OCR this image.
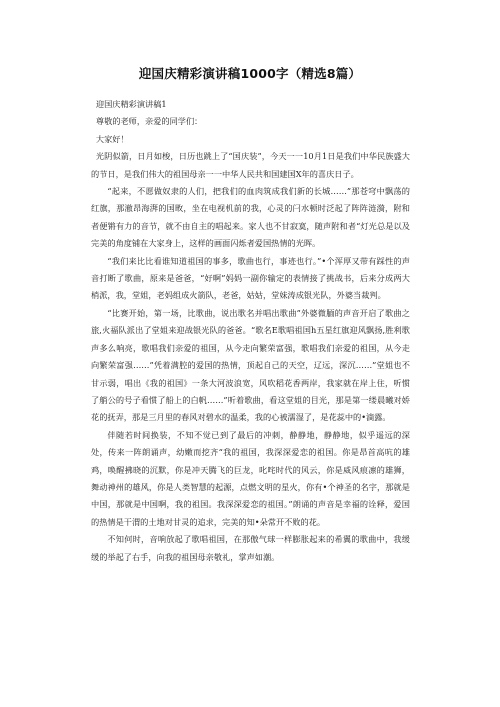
迎国庆精彩演讲稿1000字（精选8篇）

迎国庆精彩演讲稿1

尊敬的老师，亲爱的同学们：

大家好！

光阴似箭，日月如梭，日历也跳上了“国庆装”，今天一一10月1日是我们中华民族盛大的节日，是我们伟大的祖国母亲一一中华人民共和国建国X年的喜庆日子。

“起来，不愿做奴隶的人们，把我们的血肉筑成我们新的长城……”那苍穹中飘荡的红旗，那澈昂海湃的国畋，坐在电视机前的我，心灵的闩水顿时泛起了阵阵涟漪，附和者便锵有力的音节，就不由自主的唱起来。家人也不甘寂寞，随声附和者“灯光总是以及完美的角度铺在大家身上，这样的画面闪烁者爱国热情的光晖。

“我们来比比看谁知道祖国的事多，歌曲也行，事迹也行。”•个浑厚又带有踩性的声音打断了歌曲，原来是爸爸，“好啊”妈妈一副你输定的表情接了挑战书，后来分成两大梢派，我，堂姐，老妈组成火箭队，老爸，姑姑，堂妹涛成银光队，外婆当裁判。

“比赛开始，第一场，比歌曲，说出歌名并唱出歌曲”外婆微腼的声音开启了歌曲之旅,火福队派出了堂姐来迎战银光队的爸爸。“歌名E歌唱祖国h五星红旗迎风飘扬,胜利歌声多么响亮，歌唱我们亲爱的祖国，从今走向繁荣富强，歌唱我们亲爱的祖国，从今走向繁荣富强……”凭着满腔的爱国的热情，顶起自己的天空，辽远，深沉……”堂姐也不甘示弱，唱出《我的祖国》一条大河波浪宽，风吹稻花香两岸，我家就在岸上住，听惯了艄公的号子看惯了船上的白帆……”听着歌曲，看这堂姐的目光，那是第一缕晨曦对娇花的抚弄，那是三月里的春风对碧水的温柔，我的心被濡湿了，是花蕊中的•滴露。

伴随若时间换装，不知不觉已到了最后的冲刺，静静地，静静地，似乎遥远的深处，传来一阵朗诵声，幼嫩而挖齐“我的祖国，我深深爱恋的祖国。你是昂首高吭的雄鸡，唤醒拂晓的沉默，你是冲天腾飞的巨龙，叱咤时代的风云，你是威风痕凛的雄狮，舞动神州的雄风，你是人类智慧的起源，点燃文明的星火，你有•个神圣的名字，那就是中国，那就是中国啊，我的祖国。我深深爱恋的祖国。”朗诵的声音是幸福的诠释，爱国的热情是干渭的土地对甘灵的追求，完美的知•朵常开不败的花。

不知何时，音响放起了歌唱祖国，在那傲气球一样膨胀起来的希翼的歌曲中，我缓缓的举起了右手，向我的祖国母亲敬礼，掌声如潮。
